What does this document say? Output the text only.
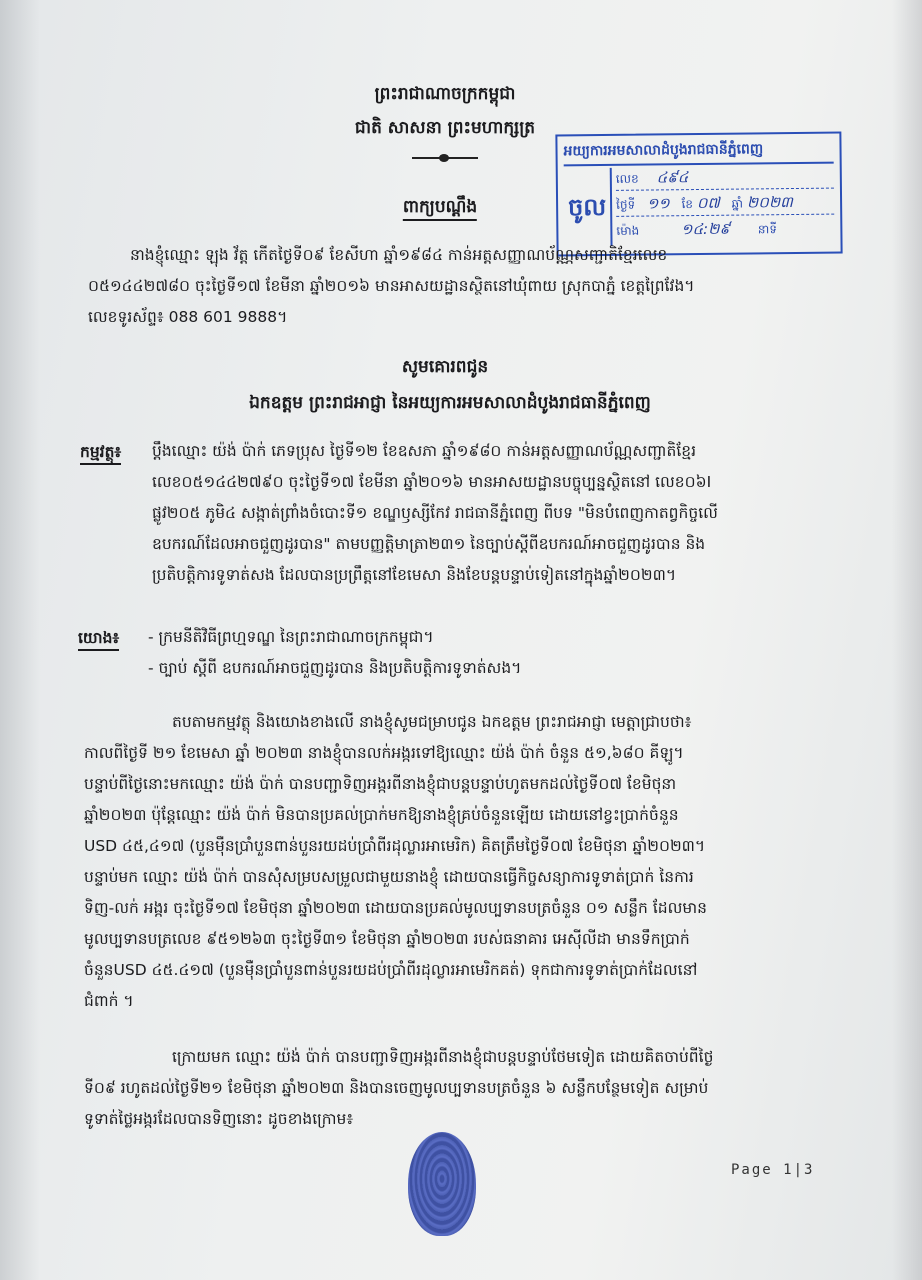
ព្រះរាជាណាចក្រកម្ពុជា
ជាតិ សាសនា ព្រះមហាក្សត្រ
ពាក្យបណ្តឹង
អយ្យការអមសាលាដំបូងរាជធានីភ្នំពេញ
ចូល
លេខ ៤៩៤
ថ្ងៃទី ១១ ខែ ០៧ ឆ្នាំ ២០២៣
ម៉ោង	១៤:២៩ នាទី
នាងខ្ញុំឈ្មោះ ឡុង វ័ត្ត កើតថ្ងៃទី០៩ ខែសីហា ឆ្នាំ១៩៨៤ កាន់អត្តសញ្ញាណប័ណ្ណសញ្ជាតិខ្មែរលេខ
០៥១៤៤២៧៨០ ចុះថ្ងៃទី១៧ ខែមីនា ឆ្នាំ២០១៦ មានអាសយដ្ឋានស្ថិតនៅឃុំពាយ ស្រុកបាភ្នំ ខេត្តព្រៃវែង។
លេខទូរស័ព្ទ៖ 088 601 9888។
សូមគោរពជូន
ឯកឧត្តម ព្រះរាជអាជ្ញា នៃអយ្យការអមសាលាដំបូងរាជធានីភ្នំពេញ
កម្មវត្ថុ៖ ប្តឹងឈ្មោះ យ៉ង់ ប៉ាក់ ភេទប្រុស ថ្ងៃទី១២ ខែឧសភា ឆ្នាំ១៩៨០ កាន់អត្តសញ្ញាណប័ណ្ណសញ្ជាតិខ្មែរ
លេខ០៥១៤៤២៧៩០ ចុះថ្ងៃទី១៧ ខែមីនា ឆ្នាំ២០១៦ មានអាសយដ្ឋានបច្ចុប្បន្នស្ថិតនៅ លេខ០៦I
ផ្លូវ២០៥ ភូមិ៤ សង្កាត់ព្រាំងចំបោះទី១ ខណ្ឌឫស្សីកែវ រាជធានីភ្នំពេញ ពីបទ "មិនបំពេញកាតព្វកិច្ចលើ
ឧបករណ៍ដែលអាចជួញដូរបាន" តាមបញ្ញត្តិមាត្រា២៣១ នៃច្បាប់ស្តីពីឧបករណ៍អាចជួញដូរបាន និង
ប្រតិបត្តិការទូទាត់សង ដែលបានប្រព្រឹត្តនៅខែមេសា និងខែបន្តបន្ទាប់ទៀតនៅក្នុងឆ្នាំ២០២៣។
យោង៖ - ក្រមនីតិវិធីព្រហ្មទណ្ឌ នៃព្រះរាជាណាចក្រកម្ពុជា។
- ច្បាប់ ស្តីពី ឧបករណ៍អាចជួញដូរបាន និងប្រតិបត្តិការទូទាត់សង។
តបតាមកម្មវត្ថុ និងយោងខាងលើ នាងខ្ញុំសូមជម្រាបជូន ឯកឧត្តម ព្រះរាជអាជ្ញា មេត្តាជ្រាបថា៖
កាលពីថ្ងៃទី ២១ ខែមេសា ឆ្នាំ ២០២៣ នាងខ្ញុំបានលក់អង្ករទៅឱ្យឈ្មោះ យ៉ង់ ប៉ាក់ ចំនួន ៥១,៦៨០ គីឡូ។
បន្ទាប់ពីថ្ងៃនោះមកឈ្មោះ យ៉ង់ ប៉ាក់ បានបញ្ជាទិញអង្ករពីនាងខ្ញុំជាបន្តបន្ទាប់ហូតមកដល់ថ្ងៃទី០៧ ខែមិថុនា
ឆ្នាំ២០២៣ ប៉ុន្តែឈ្មោះ យ៉ង់ ប៉ាក់ មិនបានប្រគល់ប្រាក់មកឱ្យនាងខ្ញុំគ្រប់ចំនួនឡើយ ដោយនៅខ្វះប្រាក់ចំនួន
USD ៤៥,៤១៧ (បួនម៉ឺនប្រាំបួនពាន់បួនរយដប់ប្រាំពីរដុល្លារអាមេរិក) គិតត្រឹមថ្ងៃទី០៧ ខែមិថុនា ឆ្នាំ២០២៣។
បន្ទាប់មក ឈ្មោះ យ៉ង់ ប៉ាក់ បានសុំសម្របសម្រួលជាមួយនាងខ្ញុំ ដោយបានធ្វើកិច្ចសន្យាការទូទាត់ប្រាក់ នៃការ
ទិញ-លក់ អង្ករ ចុះថ្ងៃទី១៧ ខែមិថុនា ឆ្នាំ២០២៣ ដោយបានប្រគល់មូលប្បទានបត្រចំនួន ០១ សន្លឹក ដែលមាន
មូលប្បទានបត្រលេខ ៩៥១២៦៣ ចុះថ្ងៃទី៣១ ខែមិថុនា ឆ្នាំ២០២៣ របស់ធនាគារ អេស៊ីលីដា មានទឹកប្រាក់
ចំនួនUSD ៤៥.៤១៧ (បួនម៉ឺនប្រាំបួនពាន់បួនរយដប់ប្រាំពីរដុល្លារអាមេរិកគត់) ទុកជាការទូទាត់ប្រាក់ដែលនៅ
ជំពាក់ ។
ក្រោយមក ឈ្មោះ យ៉ង់ ប៉ាក់ បានបញ្ជាទិញអង្ករពីនាងខ្ញុំជាបន្តបន្ទាប់ថែមទៀត ដោយគិតចាប់ពីថ្ងៃ
ទី០៩ រហូតដល់ថ្ងៃទី២១ ខែមិថុនា ឆ្នាំ២០២៣ និងបានចេញមូលប្បទានបត្រចំនួន ៦ សន្លឹកបន្ថែមទៀត សម្រាប់
ទូទាត់ថ្លៃអង្ករដែលបានទិញនោះ ដូចខាងក្រោម៖
Page 1|3
